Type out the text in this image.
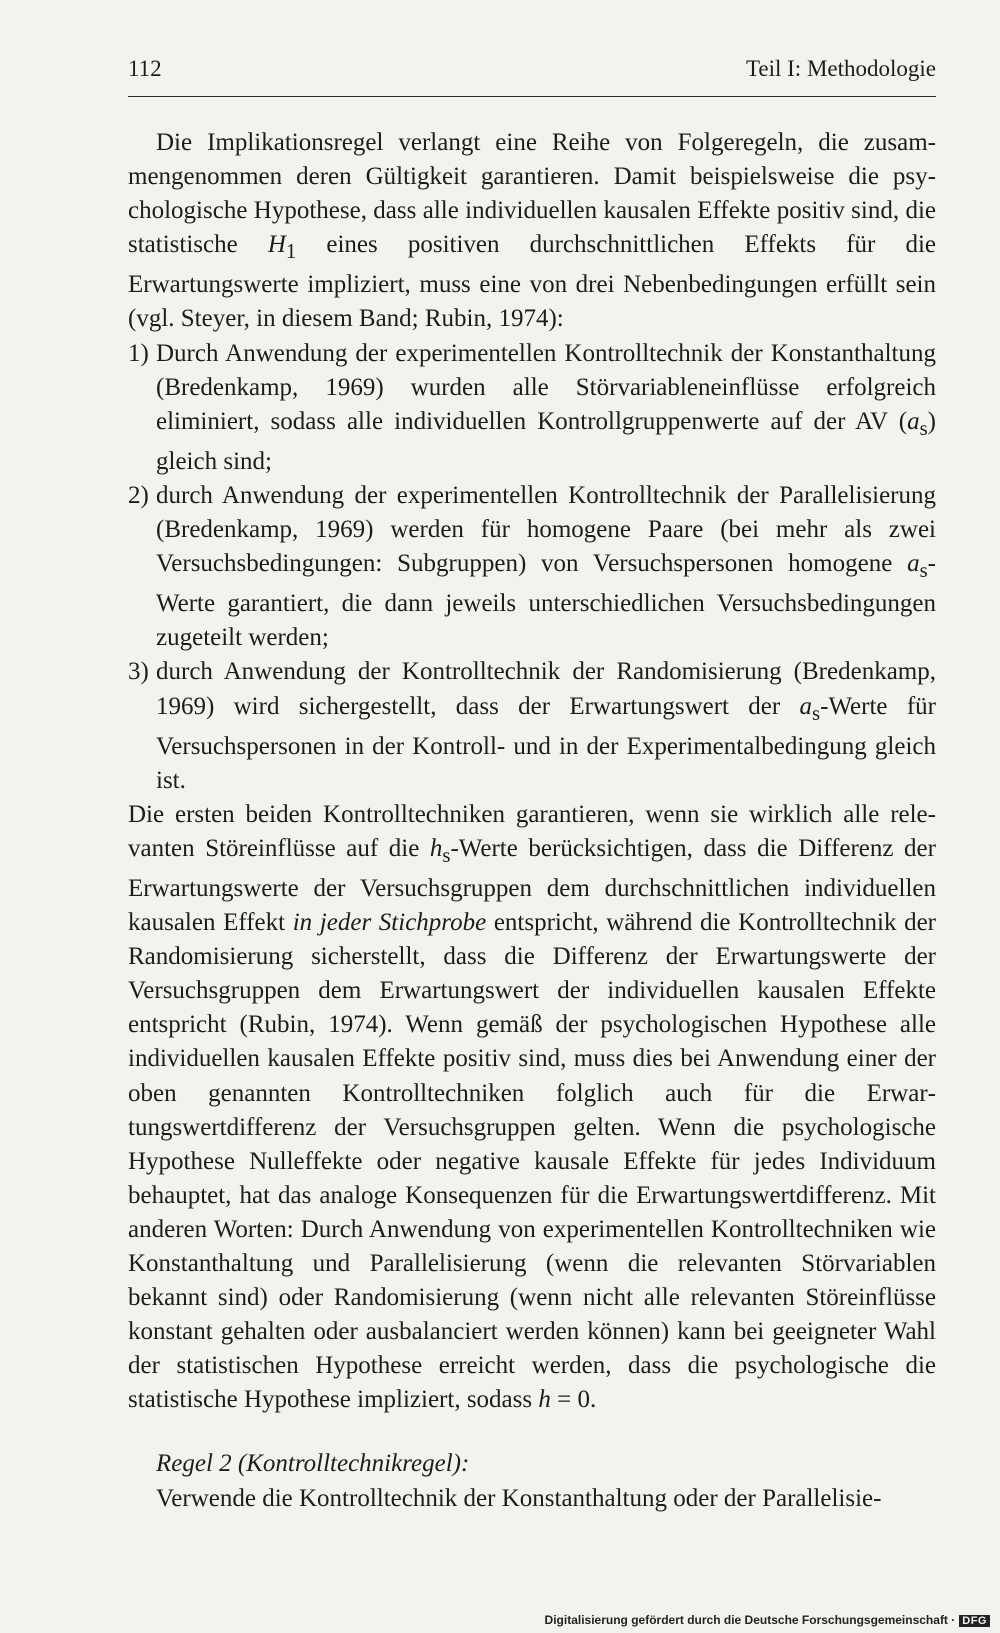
112	Teil I: Methodologie

Die Implikationsregel verlangt eine Reihe von Folgeregeln, die zusammengenommen deren Gültigkeit garantieren. Damit beispielsweise die psychologische Hypothese, dass alle individuellen kausalen Effekte positiv sind, die statistische $H_1$ eines positiven durchschnittlichen Effekts für die Erwartungswerte impliziert, muss eine von drei Nebenbedingungen erfüllt sein (vgl. Steyer, in diesem Band; Rubin, 1974):

1) Durch Anwendung der experimentellen Kontrolltechnik der Konstanthaltung (Bredenkamp, 1969) wurden alle Störvariableneinflüsse erfolgreich eliminiert, sodass alle individuellen Kontrollgruppenwerte auf der AV $(a_s)$ gleich sind;
2) durch Anwendung der experimentellen Kontrolltechnik der Parallelisierung (Bredenkamp, 1969) werden für homogene Paare (bei mehr als zwei Versuchsbedingungen: Subgruppen) von Versuchspersonen homogene $a_s$-Werte garantiert, die dann jeweils unterschiedlichen Versuchsbedingungen zugeteilt werden;
3) durch Anwendung der Kontrolltechnik der Randomisierung (Bredenkamp, 1969) wird sichergestellt, dass der Erwartungswert der $a_s$-Werte für Versuchspersonen in der Kontroll- und in der Experimentalbedingung gleich ist.

Die ersten beiden Kontrolltechniken garantieren, wenn sie wirklich alle relevanten Störeinflüsse auf die $h_s$-Werte berücksichtigen, dass die Differenz der Erwartungswerte der Versuchsgruppen dem durchschnittlichen individuellen kausalen Effekt in jeder Stichprobe entspricht, während die Kontrolltechnik der Randomisierung sicherstellt, dass die Differenz der Erwartungswerte der Versuchsgruppen dem Erwartungswert der individuellen kausalen Effekte entspricht (Rubin, 1974). Wenn gemäß der psychologischen Hypothese alle individuellen kausalen Effekte positiv sind, muss dies bei Anwendung einer der oben genannten Kontrolltechniken folglich auch für die Erwartungswertdifferenz der Versuchsgruppen gelten. Wenn die psychologische Hypothese Nulleffekte oder negative kausale Effekte für jedes Individuum behauptet, hat das analoge Konsequenzen für die Erwartungswertdifferenz. Mit anderen Worten: Durch Anwendung von experimentellen Kontrolltechniken wie Konstanthaltung und Parallelisierung (wenn die relevanten Störvariablen bekannt sind) oder Randomisierung (wenn nicht alle relevanten Störeinflüsse konstant gehalten oder ausbalanciert werden können) kann bei geeigneter Wahl der statistischen Hypothese erreicht werden, dass die psychologische die statistische Hypothese impliziert, sodass h = 0.

Regel 2 (Kontrolltechnikregel):
Verwende die Kontrolltechnik der Konstanthaltung oder der Parallelisie-
Digitalisierung gefördert durch die Deutsche Forschungsgemeinschaft · DFG
